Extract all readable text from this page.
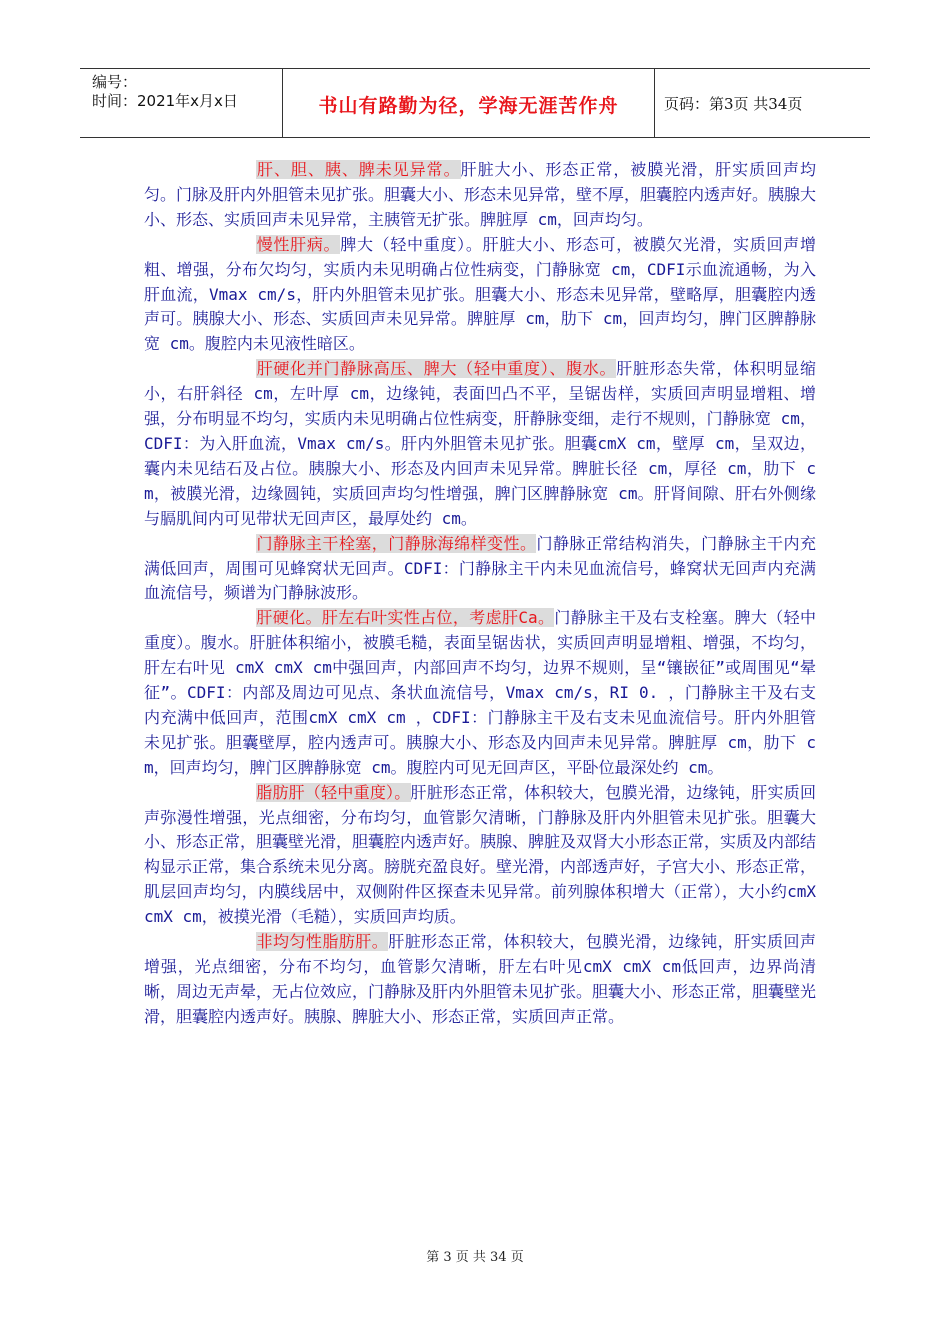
编号：
时间：2021年x月x日	书山有路勤为径，学海无涯苦作舟	页码：第3页 共34页

肝、胆、胰、脾未见异常。肝脏大小、形态正常，被膜光滑，肝实质回声均匀。门脉及肝内外胆管未见扩张。胆囊大小、形态未见异常，壁不厚，胆囊腔内透声好。胰腺大小、形态、实质回声未见异常，主胰管无扩张。脾脏厚 cm，回声均匀。

慢性肝病。脾大（轻中重度）。肝脏大小、形态可，被膜欠光滑，实质回声增粗、增强，分布欠均匀，实质内未见明确占位性病变，门静脉宽 cm，CDFI示血流通畅，为入肝血流，Vmax cm/s，肝内外胆管未见扩张。胆囊大小、形态未见异常，壁略厚，胆囊腔内透声可。胰腺大小、形态、实质回声未见异常。脾脏厚 cm，肋下 cm，回声均匀，脾门区脾静脉宽 cm。腹腔内未见液性暗区。

肝硬化并门静脉高压、脾大（轻中重度）、腹水。肝脏形态失常，体积明显缩小，右肝斜径 cm，左叶厚 cm，边缘钝，表面凹凸不平，呈锯齿样，实质回声明显增粗、增强，分布明显不均匀，实质内未见明确占位性病变，肝静脉变细，走行不规则，门静脉宽 cm，CDFI：为入肝血流，Vmax cm/s。肝内外胆管未见扩张。胆囊cmX cm，壁厚 cm，呈双边，囊内未见结石及占位。胰腺大小、形态及内回声未见异常。脾脏长径 cm，厚径 cm，肋下 cm，被膜光滑，边缘圆钝，实质回声均匀性增强，脾门区脾静脉宽 cm。肝肾间隙、肝右外侧缘与膈肌间内可见带状无回声区，最厚处约 cm。

门静脉主干栓塞，门静脉海绵样变性。门静脉正常结构消失，门静脉主干内充满低回声，周围可见蜂窝状无回声。CDFI：门静脉主干内未见血流信号，蜂窝状无回声内充满血流信号，频谱为门静脉波形。

肝硬化。肝左右叶实性占位，考虑肝Ca。门静脉主干及右支栓塞。脾大（轻中重度）。腹水。肝脏体积缩小，被膜毛糙，表面呈锯齿状，实质回声明显增粗、增强，不均匀，肝左右叶见 cmX cmX cm中强回声，内部回声不均匀，边界不规则，呈“镶嵌征”或周围见“晕征”。CDFI：内部及周边可见点、条状血流信号，Vmax cm/s，RI 0. ，门静脉主干及右支内充满中低回声，范围cmX cmX cm ，CDFI：门静脉主干及右支未见血流信号。肝内外胆管未见扩张。胆囊壁厚，腔内透声可。胰腺大小、形态及内回声未见异常。脾脏厚 cm，肋下 cm，回声均匀，脾门区脾静脉宽 cm。腹腔内可见无回声区，平卧位最深处约 cm。

脂肪肝（轻中重度）。肝脏形态正常，体积较大，包膜光滑，边缘钝，肝实质回声弥漫性增强，光点细密，分布均匀，血管影欠清晰，门静脉及肝内外胆管未见扩张。胆囊大小、形态正常，胆囊壁光滑，胆囊腔内透声好。胰腺、脾脏及双肾大小形态正常，实质及内部结构显示正常，集合系统未见分离。膀胱充盈良好。壁光滑，内部透声好，子宫大小、形态正常，肌层回声均匀，内膜线居中，双侧附件区探查未见异常。前列腺体积增大（正常），大小约cmX cmX cm，被摸光滑（毛糙），实质回声均质。

非均匀性脂肪肝。肝脏形态正常，体积较大，包膜光滑，边缘钝，肝实质回声增强，光点细密，分布不均匀，血管影欠清晰，肝左右叶见cmX cmX cm低回声，边界尚清晰，周边无声晕，无占位效应，门静脉及肝内外胆管未见扩张。胆囊大小、形态正常，胆囊壁光滑，胆囊腔内透声好。胰腺、脾脏大小、形态正常，实质回声正常。

第 3 页 共 34 页
